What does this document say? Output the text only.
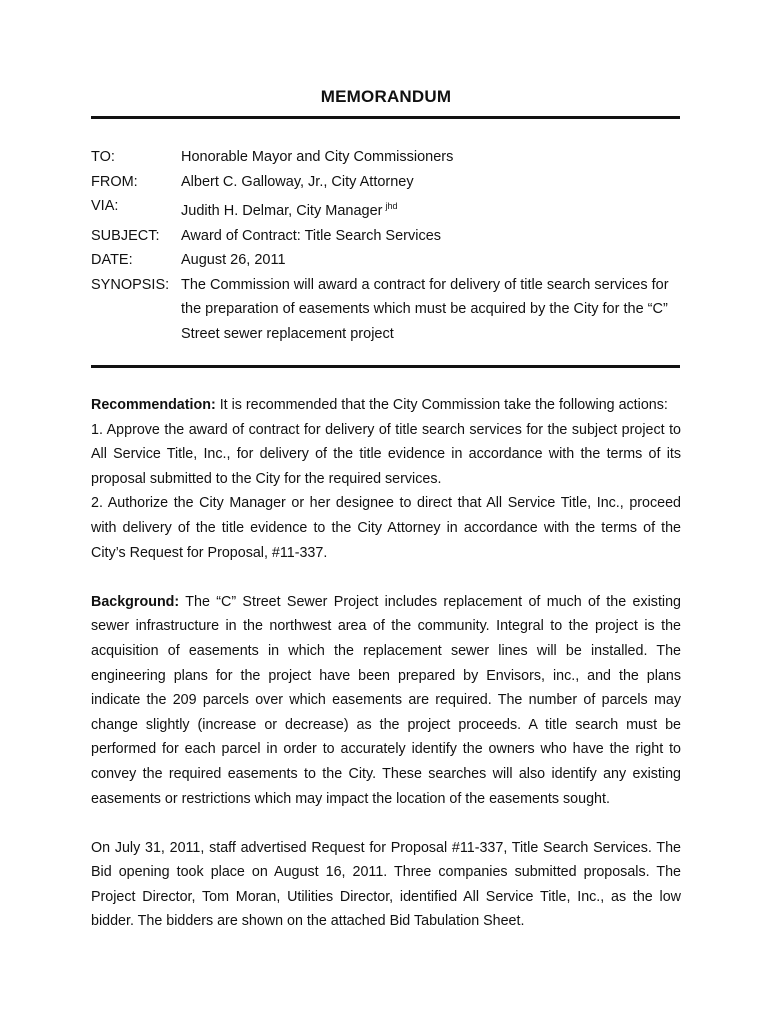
MEMORANDUM
TO:	Honorable Mayor and City Commissioners
FROM:	Albert C. Galloway, Jr., City Attorney
VIA:	Judith H. Delmar, City Manager $^{jhd}$
SUBJECT:	Award of Contract: Title Search Services
DATE:	August 26, 2011
SYNOPSIS: The Commission will award a contract for delivery of title search services for the preparation of easements which must be acquired by the City for the “C” Street sewer replacement project

Recommendation: It is recommended that the City Commission take the following actions:

1. Approve the award of contract for delivery of title search services for the subject project to All Service Title, Inc., for delivery of the title evidence in accordance with the terms of its proposal submitted to the City for the required services.

2. Authorize the City Manager or her designee to direct that All Service Title, Inc., proceed with delivery of the title evidence to the City Attorney in accordance with the terms of the City’s Request for Proposal, #11-337.

Background: The “C” Street Sewer Project includes replacement of much of the existing sewer infrastructure in the northwest area of the community. Integral to the project is the acquisition of easements in which the replacement sewer lines will be installed. The engineering plans for the project have been prepared by Envisors, inc., and the plans indicate the 209 parcels over which easements are required. The number of parcels may change slightly (increase or decrease) as the project proceeds. A title search must be performed for each parcel in order to accurately identify the owners who have the right to convey the required easements to the City. These searches will also identify any existing easements or restrictions which may impact the location of the easements sought.

On July 31, 2011, staff advertised Request for Proposal #11-337, Title Search Services. The Bid opening took place on August 16, 2011. Three companies submitted proposals. The Project Director, Tom Moran, Utilities Director, identified All Service Title, Inc., as the low bidder. The bidders are shown on the attached Bid Tabulation Sheet.
